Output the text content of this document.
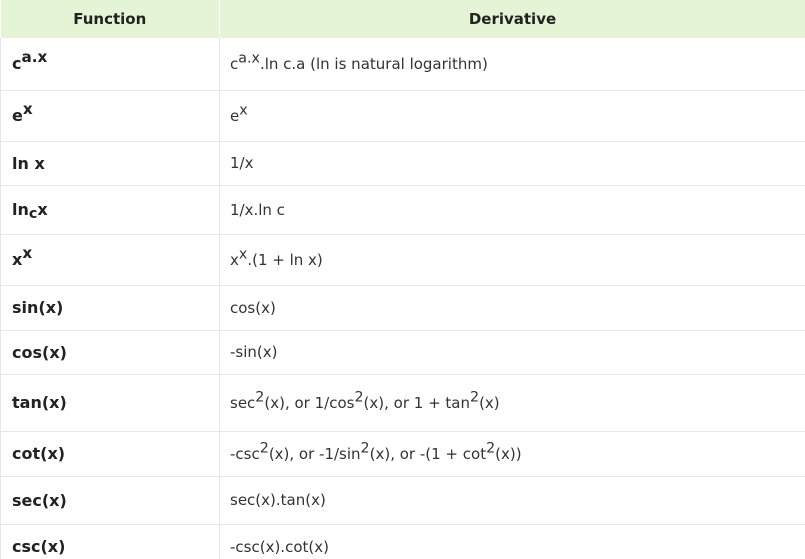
Function	Derivative
$c^{a.x}$	$c^{a.x}.\ln$ c.a (ln is natural logarithm)
$e^x$	$e^x$
ln x	1/x
$\ln_cx$	1/x.ln c
$x^x$	$x^x.(1 + \ln x)$
sin(x)	cos(x)
cos(x)	-sin(x)
tan(x)	$\sec^2(x)$, or $1/\cos^2(x)$, or $1 + \tan^2(x)$
cot(x)	$-\csc^2(x)$, or $-1/\sin^2(x)$, or $-(1 + \cot^2(x))$
sec(x)	sec(x).tan(x)
csc(x)	-csc(x).cot(x)
